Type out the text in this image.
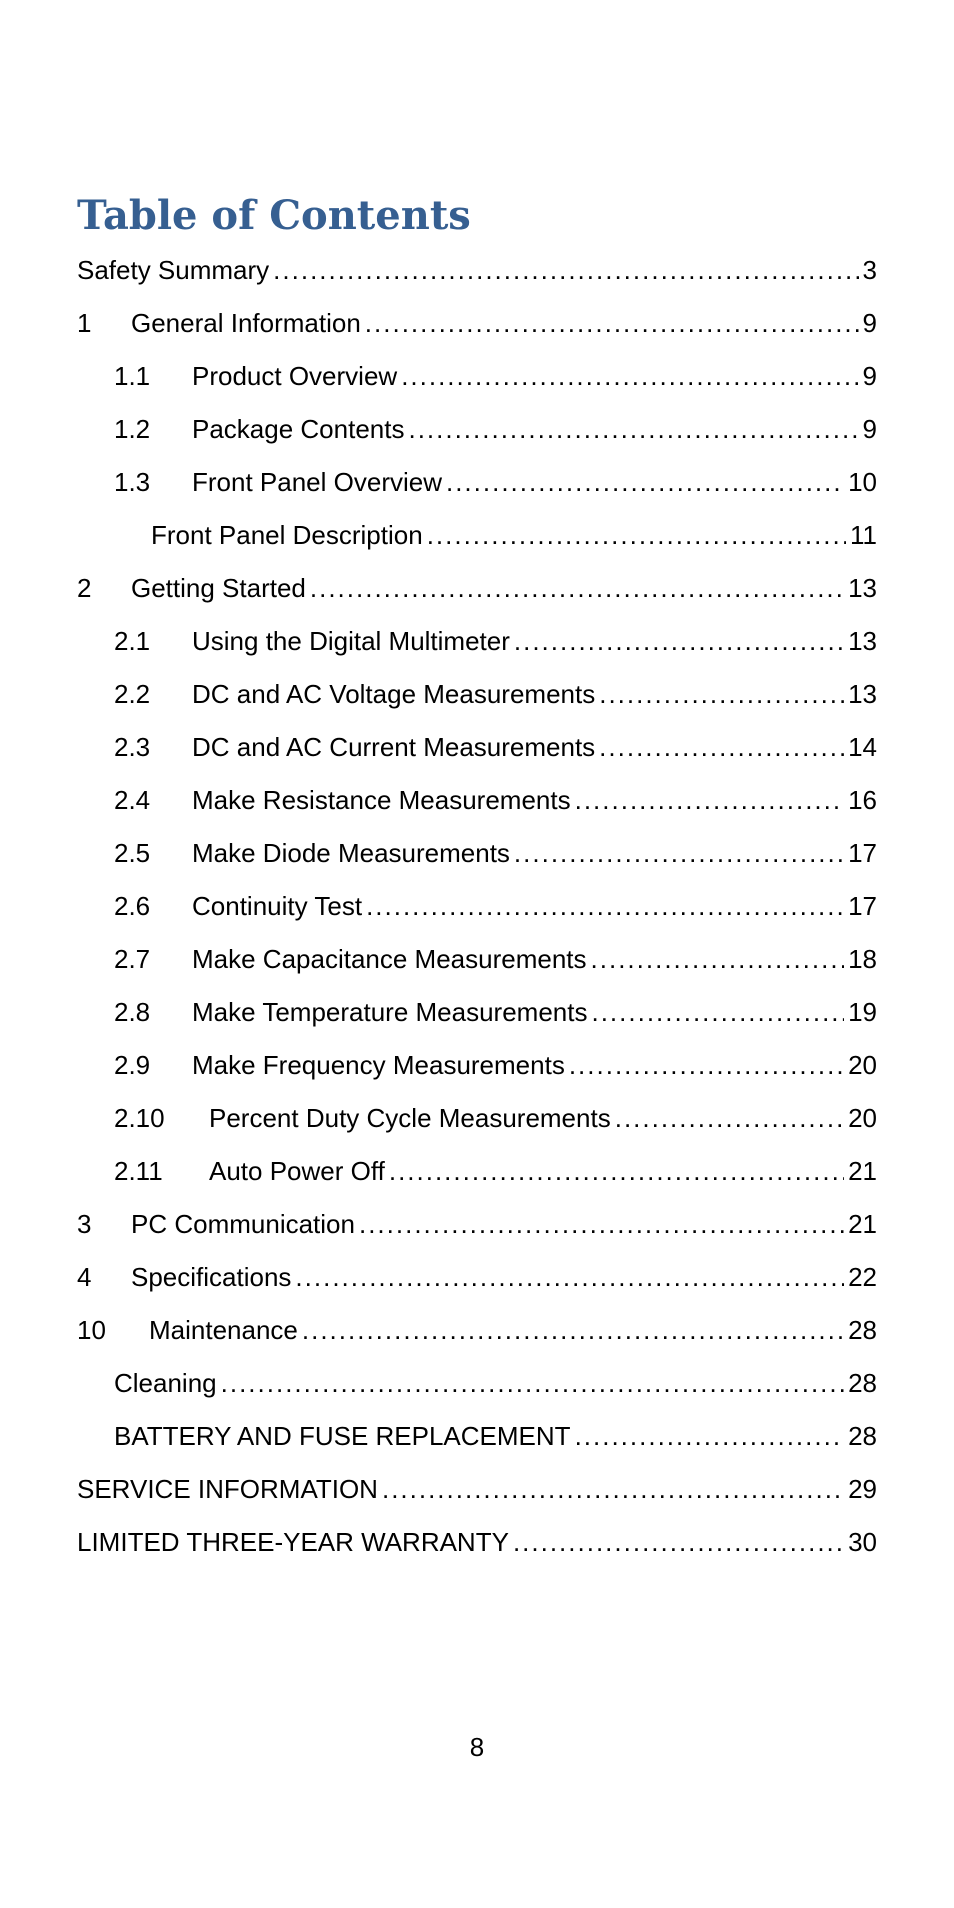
Table of Contents
Safety Summary .....	3
1 General Information .....	9
1.1 Product Overview .....	9
1.2 Package Contents .....	9
1.3 Front Panel Overview .....	10
Front Panel Description .....	11
2 Getting Started .....	13
2.1 Using the Digital Multimeter .....	13
2.2 DC and AC Voltage Measurements .....	13
2.3 DC and AC Current Measurements .....	14
2.4 Make Resistance Measurements .....	16
2.5 Make Diode Measurements .....	17
2.6 Continuity Test .....	17
2.7 Make Capacitance Measurements .....	18
2.8 Make Temperature Measurements .....	19
2.9 Make Frequency Measurements .....	20
2.10 Percent Duty Cycle Measurements .....	20
2.11 Auto Power Off .....	21
3 PC Communication .....	21
4 Specifications .....	22
10 Maintenance .....	28
Cleaning .....	28
BATTERY AND FUSE REPLACEMENT .....	28
SERVICE INFORMATION .....	29
LIMITED THREE-YEAR WARRANTY .....	30
8
